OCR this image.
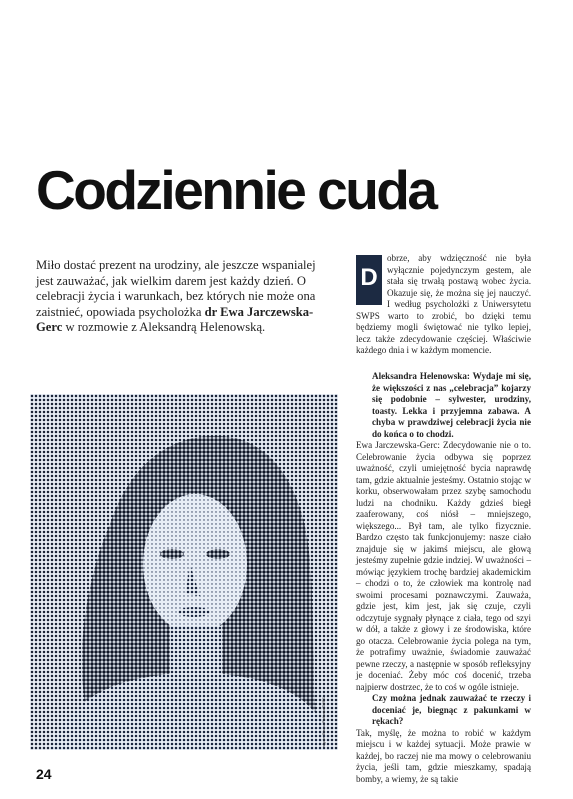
Codziennie cuda

Miło dostać prezent na urodziny, ale jeszcze wspanialej jest zauważać, jak wielkim darem jest każdy dzień. O celebracji życia i warunkach, bez których nie może ona zaistnieć, opowiada psycholożka dr Ewa Jarczewska-Gerc w rozmowie z Aleksandrą Helenowską.

zdjęcie: Bianca Piotrowa/SWPS
D
obrze, aby wdzięczność nie była wyłącznie pojedynczym gestem, ale stała się trwałą postawą wobec życia. Okazuje się, że można się jej nauczyć. I według psycholożki z Uniwersytetu SWPS warto to zrobić, bo dzięki temu będziemy mogli świętować nie tylko lepiej, lecz także zdecydowanie częściej. Właściwie każdego dnia i w każdym momencie.
Aleksandra Helenowska: Wydaje mi się, że większości z nas „celebracja” kojarzy się podobnie – sylwester, urodziny, toasty. Lekka i przyjemna zabawa. A chyba w prawdziwej celebracji życia nie do końca o to chodzi.
Ewa Jarczewska-Gerc: Zdecydowanie nie o to. Celebrowanie życia odbywa się poprzez uważność, czyli umiejętność bycia naprawdę tam, gdzie aktualnie jesteśmy. Ostatnio stojąc w korku, obserwowałam przez szybę samochodu ludzi na chodniku. Każdy gdzieś biegł zaaferowany, coś niósł – mniejszego, większego... Był tam, ale tylko fizycznie. Bardzo często tak funkcjonujemy: nasze ciało znajduje się w jakimś miejscu, ale głową jesteśmy zupełnie gdzie indziej. W uważności – mówiąc językiem trochę bardziej akademickim – chodzi o to, że człowiek ma kontrolę nad swoimi procesami poznawczymi. Zauważa, gdzie jest, kim jest, jak się czuje, czyli odczytuje sygnały płynące z ciała, tego od szyi w dół, a także z głowy i ze środowiska, które go otacza. Celebrowanie życia polega na tym, że potrafimy uważnie, świadomie zauważać pewne rzeczy, a następnie w sposób refleksyjny je doceniać. Żeby móc coś docenić, trzeba najpierw dostrzec, że to coś w ogóle istnieje.
Czy można jednak zauważać te rzeczy i doceniać je, biegnąc z pakunkami w rękach?
Tak, myślę, że można to robić w każdym miejscu i w każdej sytuacji. Może prawie w każdej, bo raczej nie ma mowy o celebrowaniu życia, jeśli tam, gdzie mieszkamy, spadają bomby, a wiemy, że są takie
24
